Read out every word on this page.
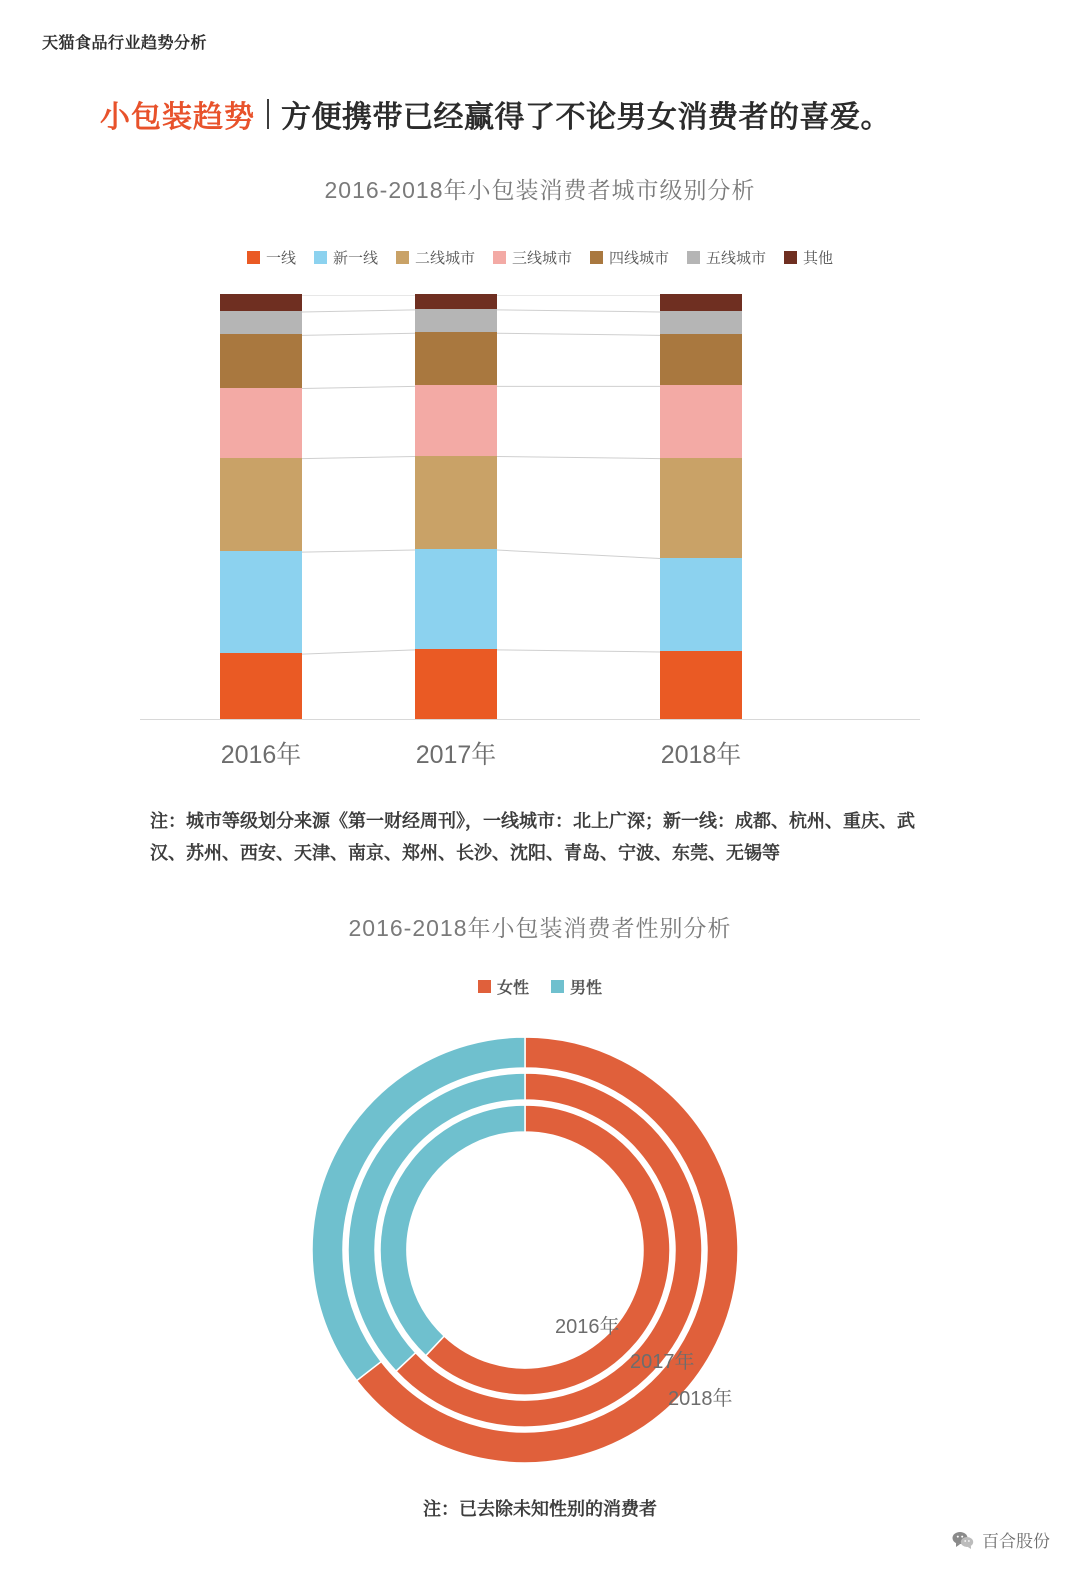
天猫食品行业趋势分析
小包装趋势 方便携带已经赢得了不论男女消费者的喜爱。
2016-2018年小包装消费者城市级别分析
一线 新一线 二线城市 三线城市 四线城市 五线城市 其他
2016年	2017年	2018年
注：城市等级划分来源《第一财经周刊》，一线城市：北上广深；新一线：成都、杭州、重庆、武汉、苏州、西安、天津、南京、郑州、长沙、沈阳、青岛、宁波、东莞、无锡等
2016-2018年小包装消费者性别分析
女性	男性
2016年
2017年
2018年
注：已去除未知性别的消费者
百合股份
